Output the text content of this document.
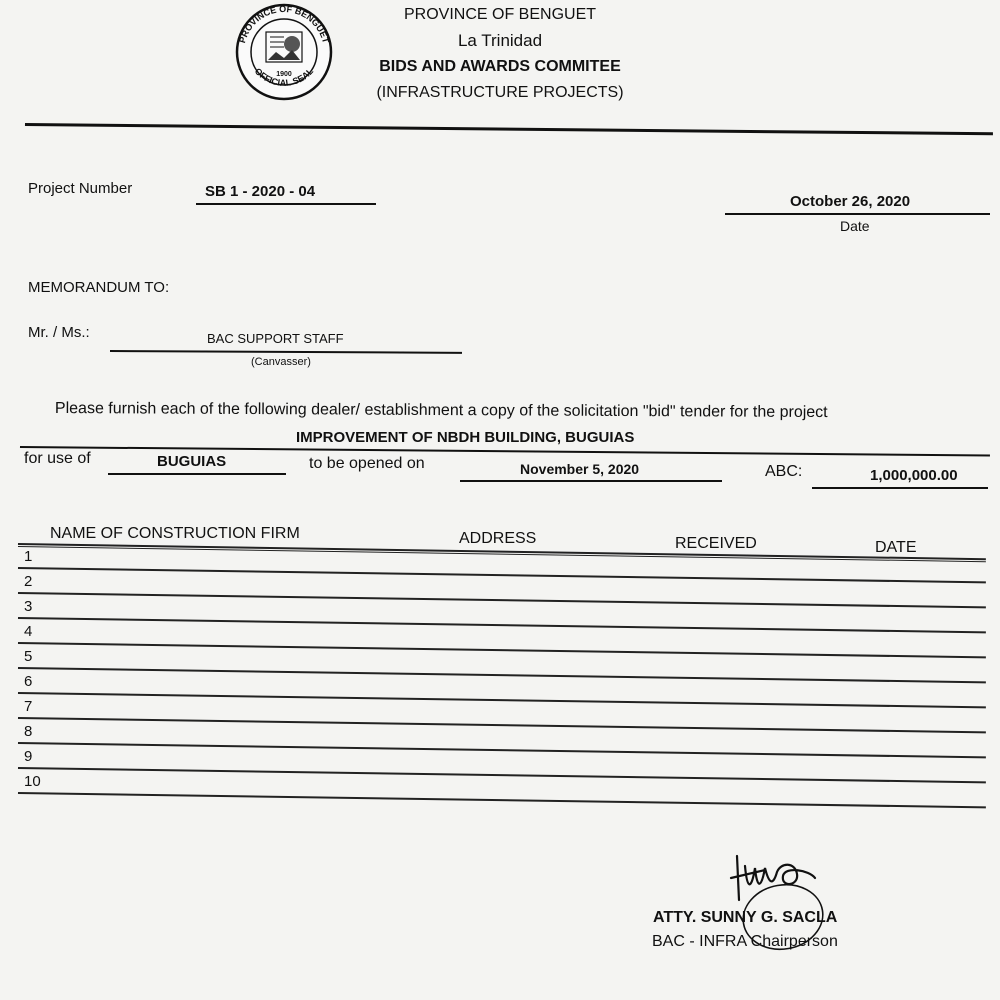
PROVINCE OF BENGUET
OFFICIAL SEAL
1900
PROVINCE OF BENGUET
La Trinidad
BIDS AND AWARDS COMMITEE
(INFRASTRUCTURE PROJECTS)
Project Number	SB 1 - 2020 - 04
October 26, 2020
Date
MEMORANDUM TO:
Mr. / Ms.:	BAC SUPPORT STAFF
(Canvasser)
Please furnish each of the following dealer/ establishment a copy of the solicitation "bid" tender for the project
IMPROVEMENT OF NBDH BUILDING, BUGUIAS
for use of	BUGUIAS	to be opened on	November 5, 2020	ABC:	1,000,000.00
NAME OF CONSTRUCTION FIRM	ADDRESS	RECEIVED	DATE
1
2
3
4
5
6
7
8
9
10
ATTY. SUNNY G. SACLA
BAC - INFRA Chairperson
